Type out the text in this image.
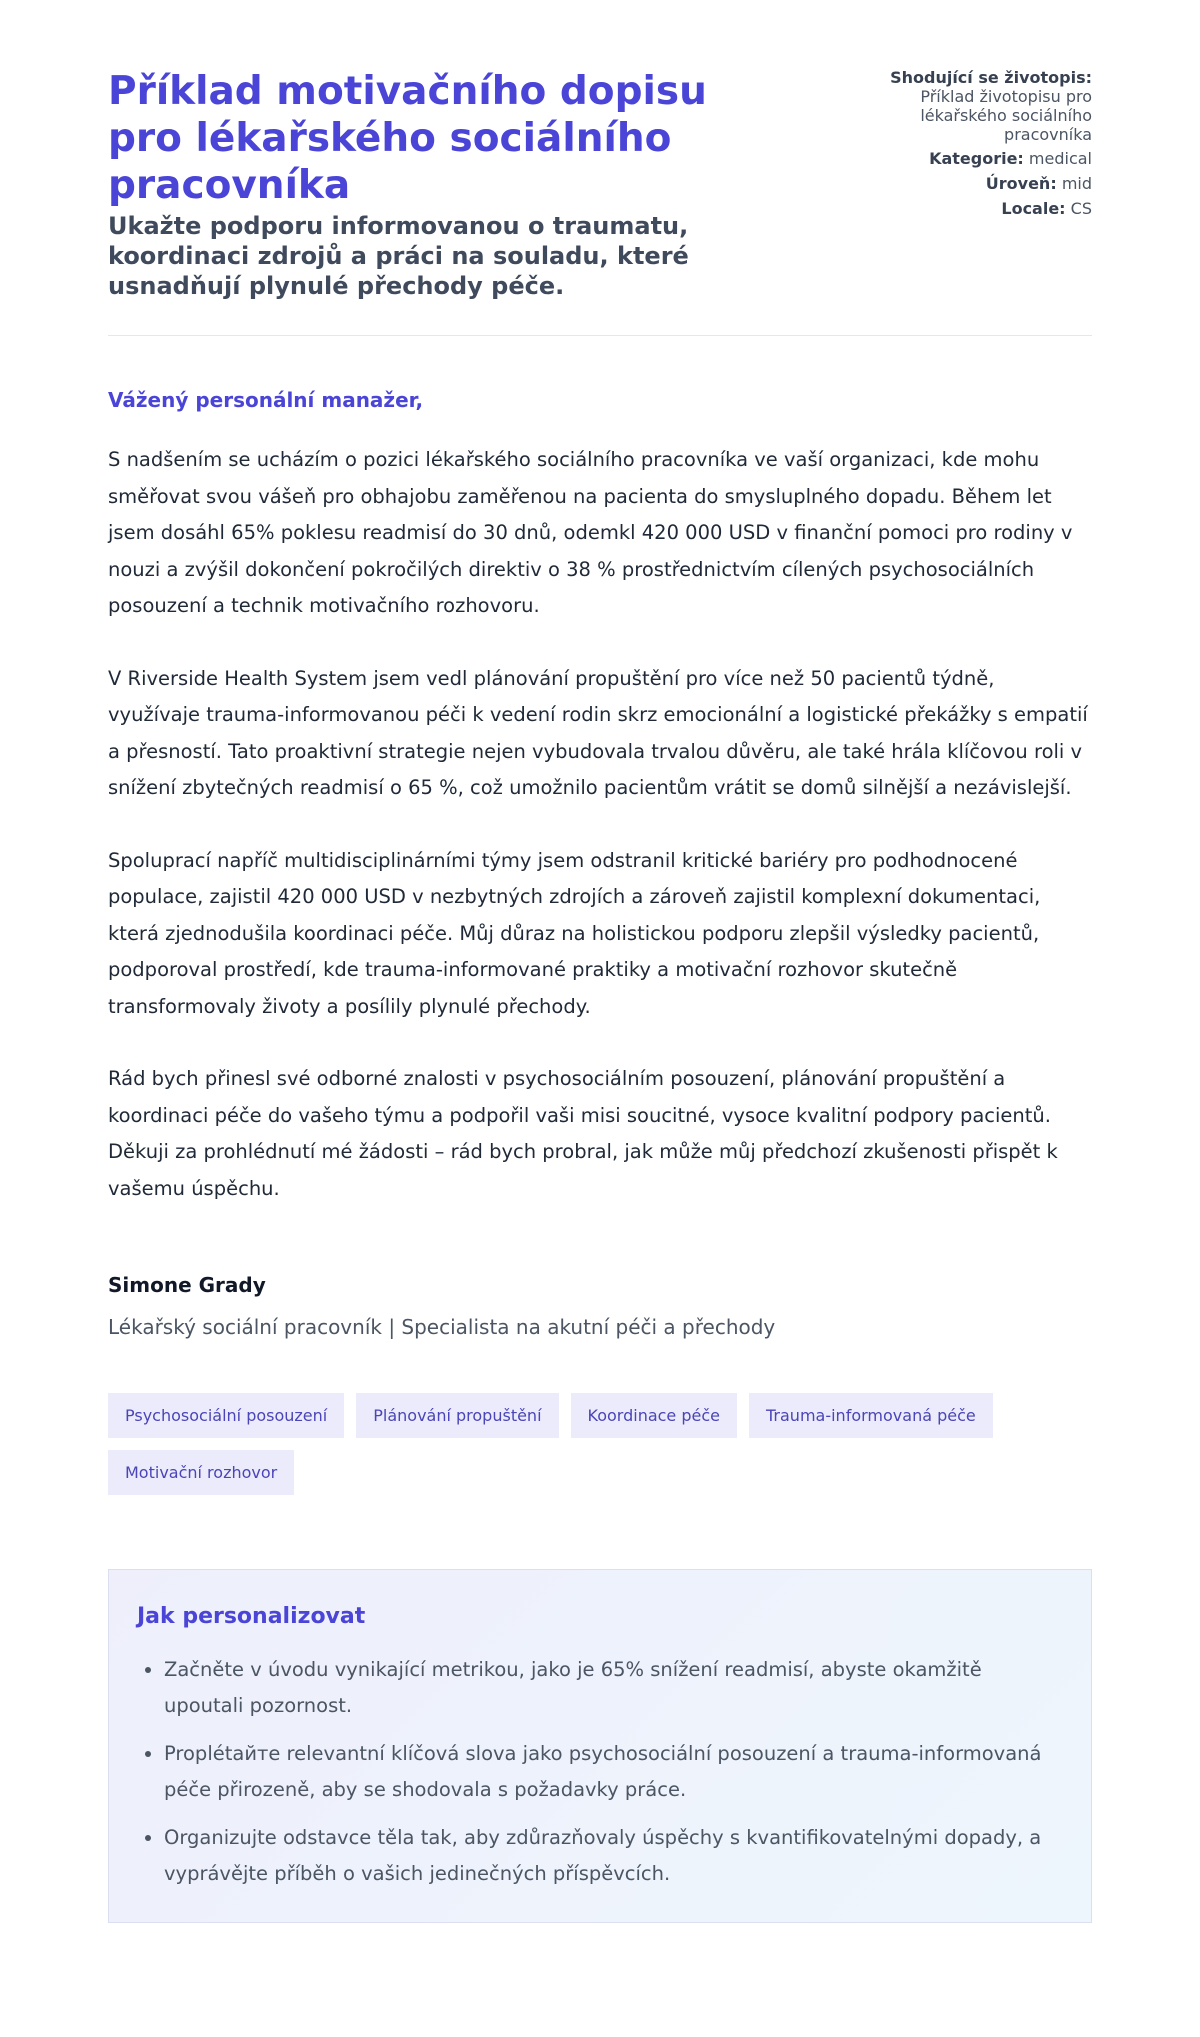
Příklad motivačního dopisu pro lékařského sociálního pracovníka
Ukažte podporu informovanou o traumatu, koordinaci zdrojů a práci na souladu, které usnadňují plynulé přechody péče.
Shodující se životopis:
Příklad životopisu pro lékařského sociálního pracovníka
Kategorie: medical
Úroveň: mid
Locale: CS
Vážený personální manažer,

S nadšením se ucházím o pozici lékařského sociálního pracovníka ve vaší organizaci, kde mohu směřovat svou vášeň pro obhajobu zaměřenou na pacienta do smysluplného dopadu. Během let jsem dosáhl 65% poklesu readmisí do 30 dnů, odemkl 420 000 USD v finanční pomoci pro rodiny v nouzi a zvýšil dokončení pokročilých direktiv o 38 % prostřednictvím cílených psychosociálních posouzení a technik motivačního rozhovoru.

V Riverside Health System jsem vedl plánování propuštění pro více než 50 pacientů týdně, využívaje trauma-informovanou péči k vedení rodin skrz emocionální a logistické překážky s empatií a přesností. Tato proaktivní strategie nejen vybudovala trvalou důvěru, ale také hrála klíčovou roli v snížení zbytečných readmisí o 65 %, což umožnilo pacientům vrátit se domů silnější a nezávislejší.

Spoluprací napříč multidisciplinárními týmy jsem odstranil kritické bariéry pro podhodnocené populace, zajistil 420 000 USD v nezbytných zdrojích a zároveň zajistil komplexní dokumentaci, která zjednodušila koordinaci péče. Můj důraz na holistickou podporu zlepšil výsledky pacientů, podporoval prostředí, kde trauma-informované praktiky a motivační rozhovor skutečně transformovaly životy a posílily plynulé přechody.

Rád bych přinesl své odborné znalosti v psychosociálním posouzení, plánování propuštění a koordinaci péče do vašeho týmu a podpořil vaši misi soucitné, vysoce kvalitní podpory pacientů. Děkuji za prohlédnutí mé žádosti – rád bych probral, jak může můj předchozí zkušenosti přispět k vašemu úspěchu.

Simone Grady
Lékařský sociální pracovník | Specialista na akutní péči a přechody
Psychosociální posouzení	Plánování propuštění	Koordinace péče	Trauma-informovaná péče
Motivační rozhovor
Jak personalizovat
• Začněte v úvodu vynikající metrikou, jako je 65% snížení readmisí, abyste okamžitě upoutali pozornost.
• Proplétaйте relevantní klíčová slova jako psychosociální posouzení a trauma-informovaná péče přirozeně, aby se shodovala s požadavky práce.
• Organizujte odstavce těla tak, aby zdůrazňovaly úspěchy s kvantifikovatelnými dopady, a vyprávějte příběh o vašich jedinečných příspěvcích.
